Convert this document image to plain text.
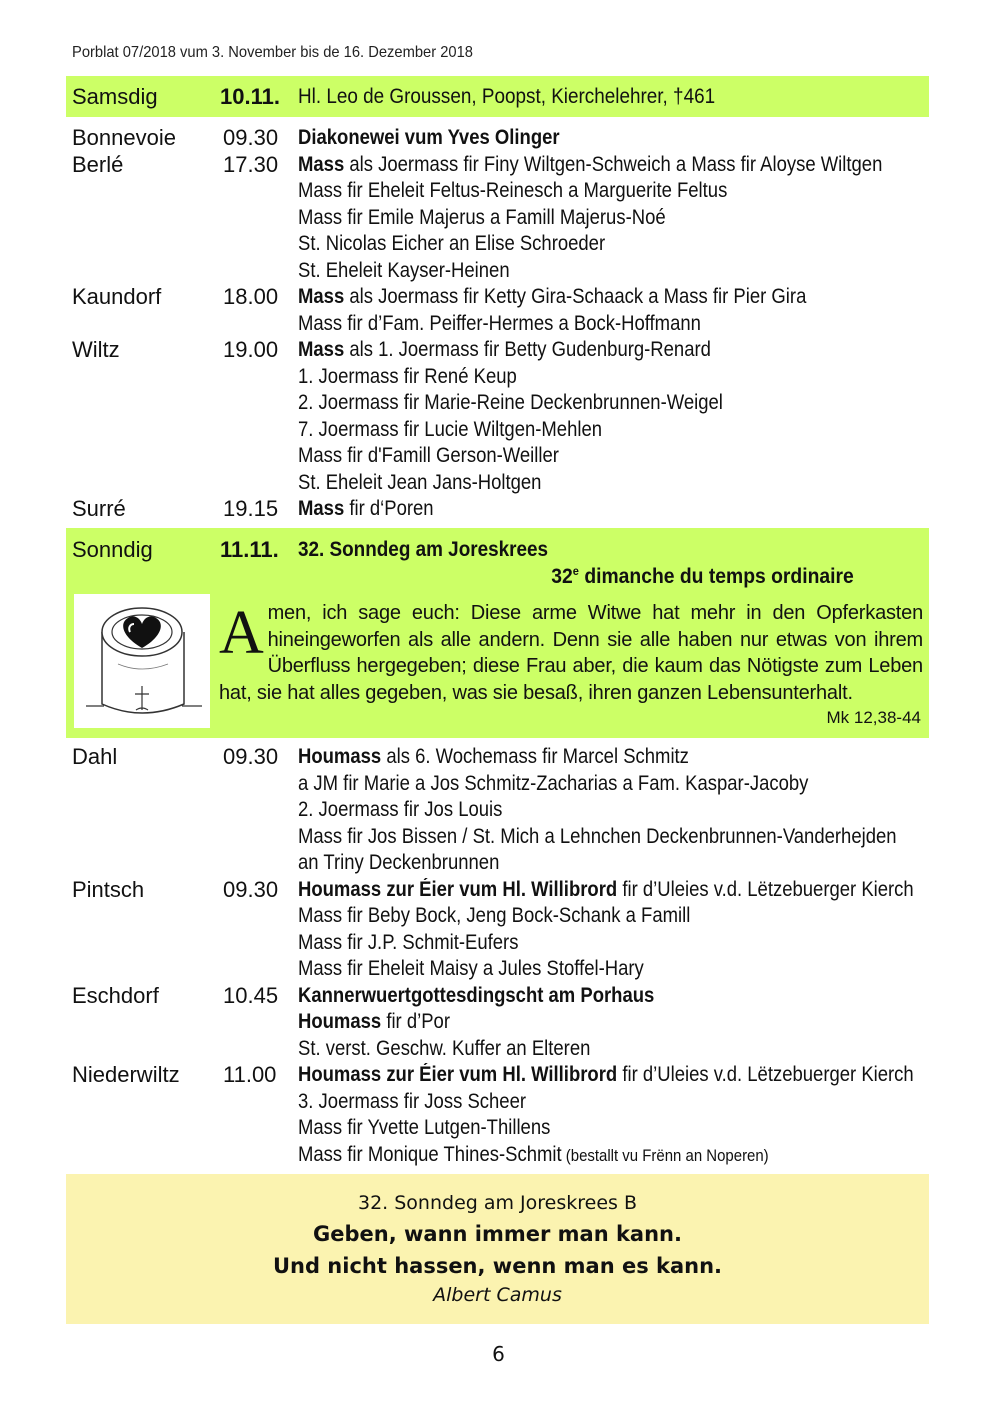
Porblat 07/2018 vum 3. November bis de 16. Dezember 2018
Samsdig	10.11. Hl. Leo de Groussen, Poopst, Kierchelehrer, †461
Bonnevoie 09.30 Diakonewei vum Yves Olinger
Berlé	17.30 Mass als Joermass fir Finy Wiltgen-Schweich a Mass fir Aloyse Wiltgen
Mass fir Eheleit Feltus-Reinesch a Marguerite Feltus
Mass fir Emile Majerus a Famill Majerus-Noé
St. Nicolas Eicher an Elise Schroeder
St. Eheleit Kayser-Heinen
Kaundorf	18.00 Mass als Joermass fir Ketty Gira-Schaack a Mass fir Pier Gira
Mass fir d’Fam. Peiffer-Hermes a Bock-Hoffmann
Wiltz	19.00 Mass als 1. Joermass fir Betty Gudenburg-Renard
1. Joermass fir René Keup
2. Joermass fir Marie-Reine Deckenbrunnen-Weigel
7. Joermass fir Lucie Wiltgen-Mehlen
Mass fir d'Famill Gerson-Weiller
St. Eheleit Jean Jans-Holtgen
Surré	19.15 Mass fir d‘Poren
Sonndig	11.11. 32. Sonndeg am Joreskrees
32e dimanche du temps ordinaire
Amen, ich sage euch: Diese arme Witwe hat mehr in den Opferkasten hineingeworfen als alle andern. Denn sie alle haben nur etwas von ihrem Überfluss hergegeben; diese Frau aber, die kaum das Nötigste zum Leben hat, sie hat alles gegeben, was sie besaß, ihren ganzen Lebensunterhalt.
Mk 12,38-44
Dahl	09.30 Houmass als 6. Wochemass fir Marcel Schmitz
a JM fir Marie a Jos Schmitz-Zacharias a Fam. Kaspar-Jacoby
2. Joermass fir Jos Louis
Mass fir Jos Bissen / St. Mich a Lehnchen Deckenbrunnen-Vanderhejden
an Triny Deckenbrunnen
Pintsch	09.30 Houmass zur Éier vum Hl. Willibrord fir d’Uleies v.d. Lëtzebuerger Kierch
Mass fir Beby Bock, Jeng Bock-Schank a Famill
Mass fir J.P. Schmit-Eufers
Mass fir Eheleit Maisy a Jules Stoffel-Hary
Eschdorf	10.45 Kannerwuertgottesdingscht am Porhaus
Houmass fir d’Por
St. verst. Geschw. Kuffer an Elteren
Niederwiltz 11.00 Houmass zur Éier vum Hl. Willibrord fir d’Uleies v.d. Lëtzebuerger Kierch
3. Joermass fir Joss Scheer
Mass fir Yvette Lutgen-Thillens
Mass fir Monique Thines-Schmit (bestallt vu Frënn an Noperen)
32. Sonndeg am Joreskrees B
Geben, wann immer man kann.
Und nicht hassen, wenn man es kann.
Albert Camus
6
